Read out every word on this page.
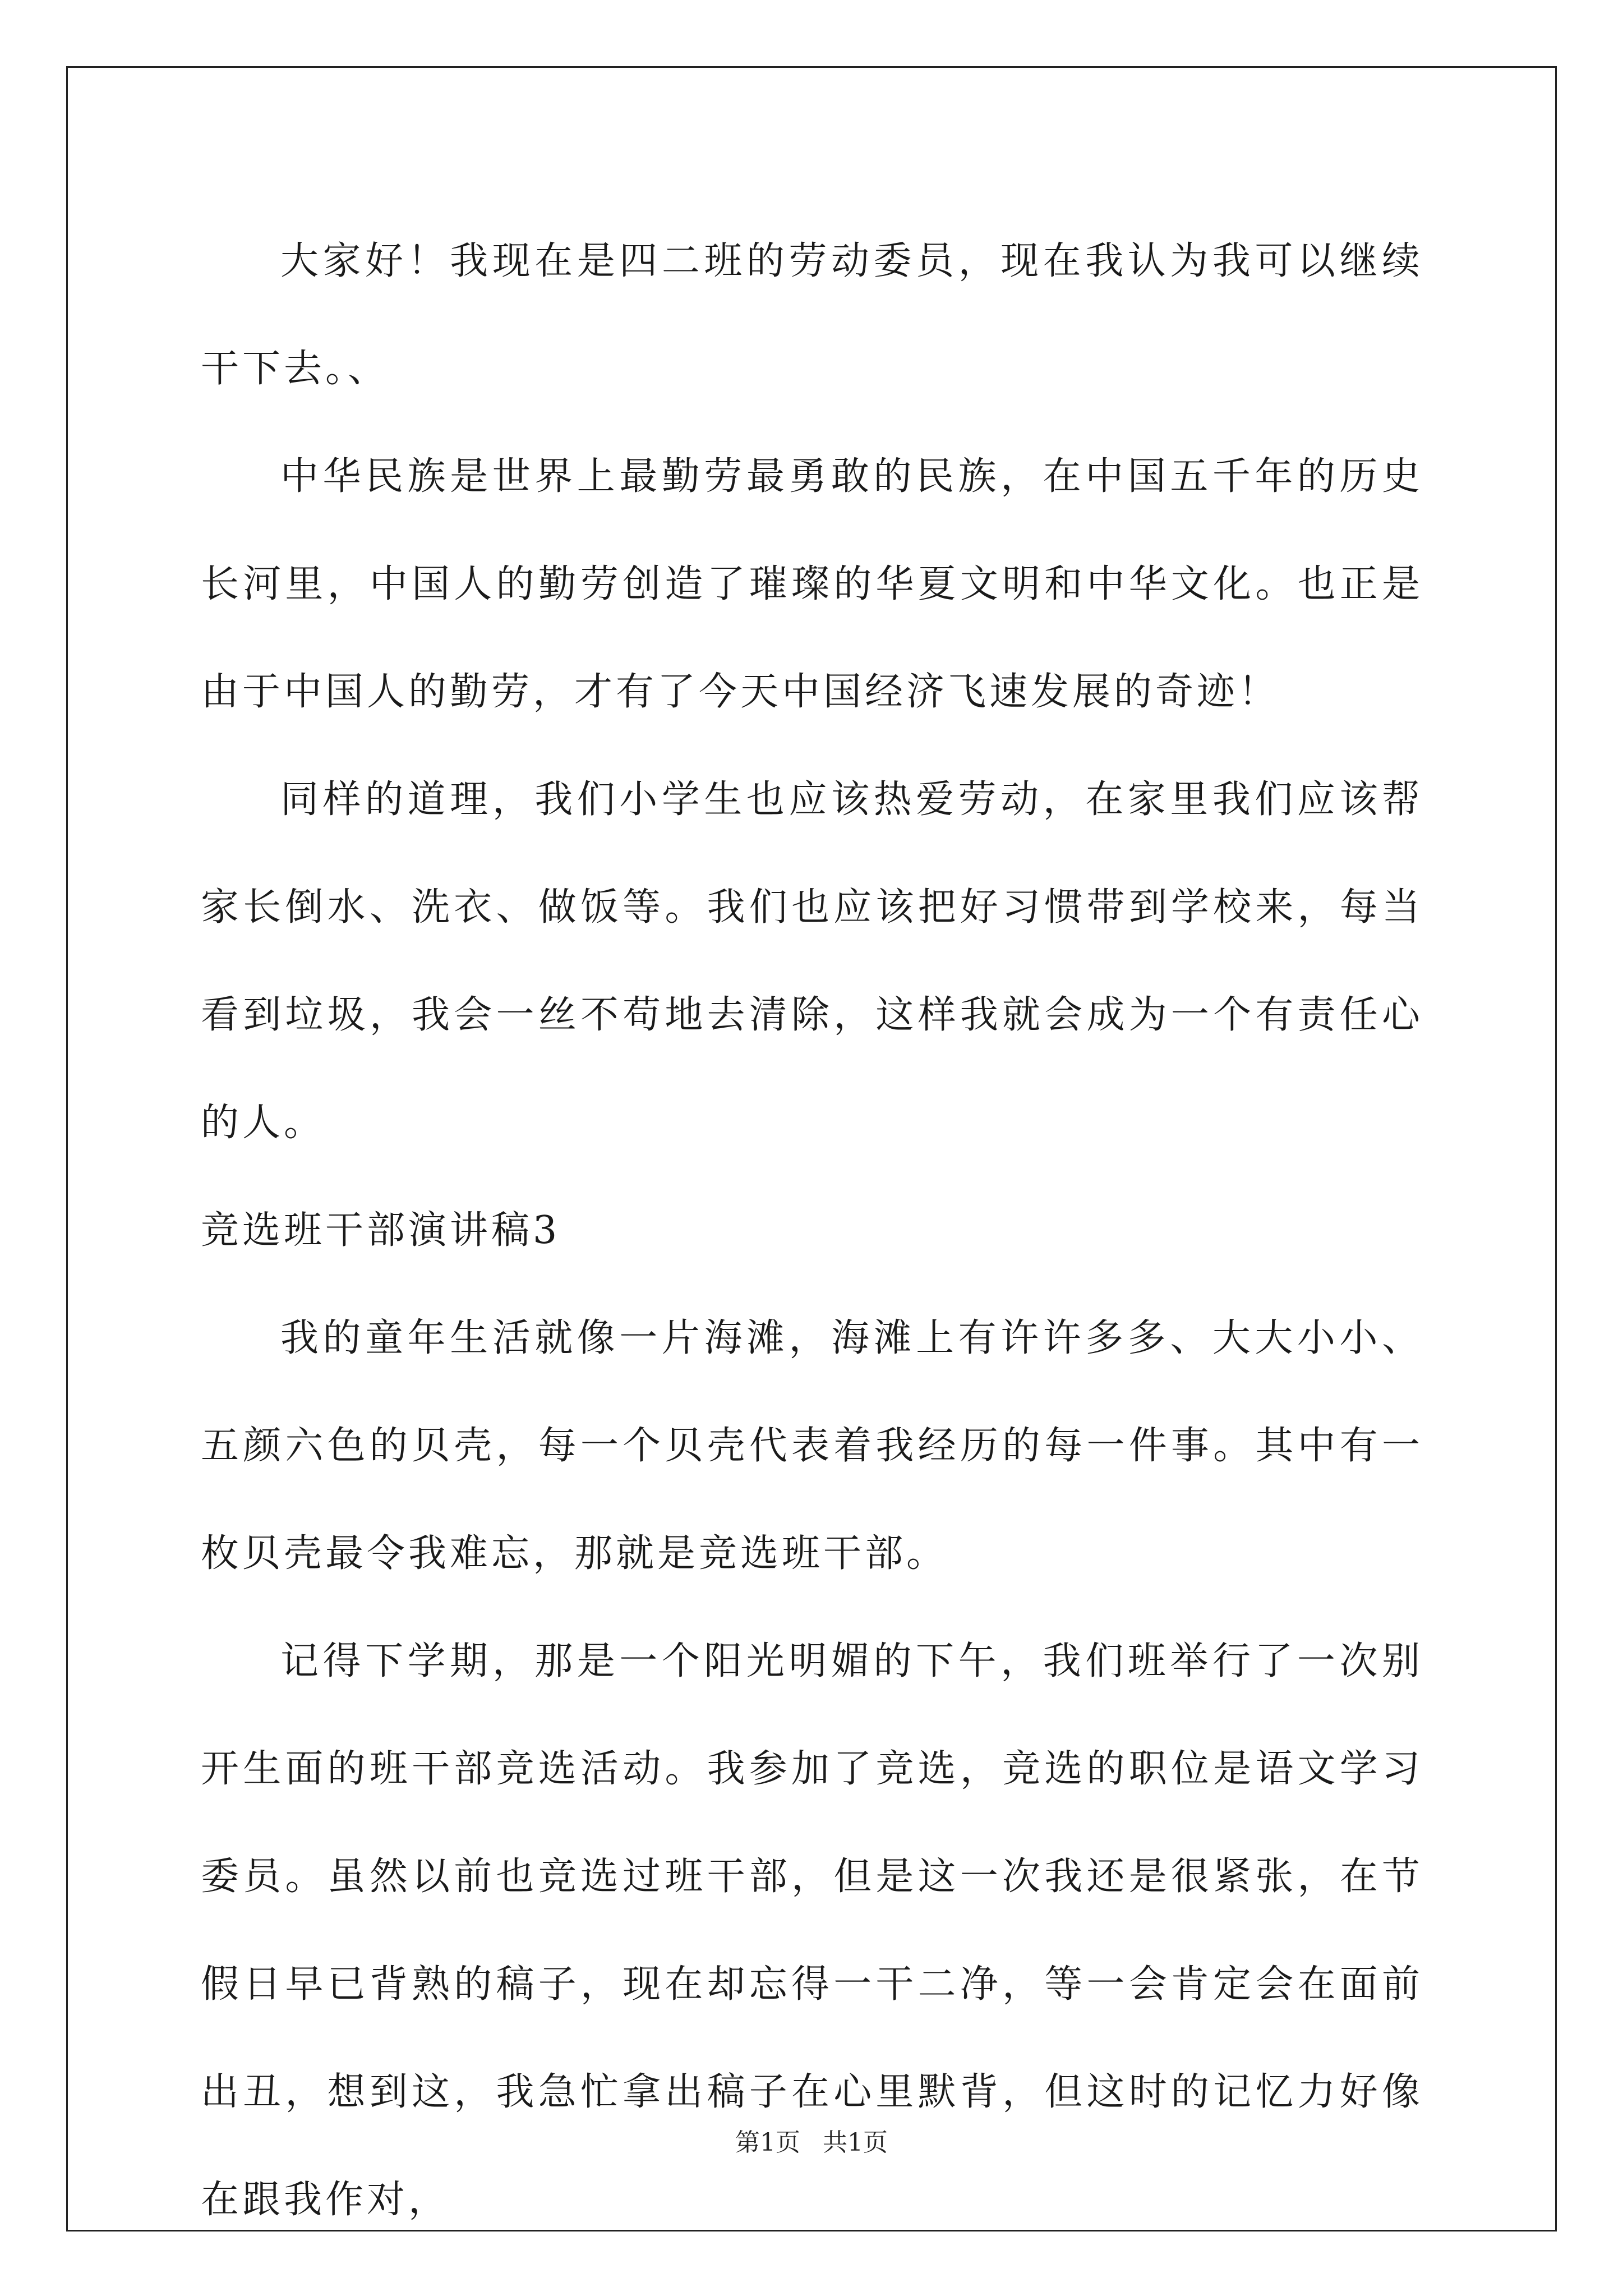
大家好！我现在是四二班的劳动委员，现在我认为我可以继续干下去。、

中华民族是世界上最勤劳最勇敢的民族，在中国五千年的历史长河里，中国人的勤劳创造了璀璨的华夏文明和中华文化。也正是由于中国人的勤劳，才有了今天中国经济飞速发展的奇迹！

同样的道理，我们小学生也应该热爱劳动，在家里我们应该帮家长倒水、洗衣、做饭等。我们也应该把好习惯带到学校来，每当看到垃圾，我会一丝不苟地去清除，这样我就会成为一个有责任心的人。

竞选班干部演讲稿3

我的童年生活就像一片海滩，海滩上有许许多多、大大小小、五颜六色的贝壳，每一个贝壳代表着我经历的每一件事。其中有一枚贝壳最令我难忘，那就是竞选班干部。

记得下学期，那是一个阳光明媚的下午，我们班举行了一次别开生面的班干部竞选活动。我参加了竞选，竞选的职位是语文学习委员。虽然以前也竞选过班干部，但是这一次我还是很紧张，在节假日早已背熟的稿子，现在却忘得一干二净，等一会肯定会在面前出丑，想到这，我急忙拿出稿子在心里默背，但这时的记忆力好像在跟我作对，

第1页 共1页
